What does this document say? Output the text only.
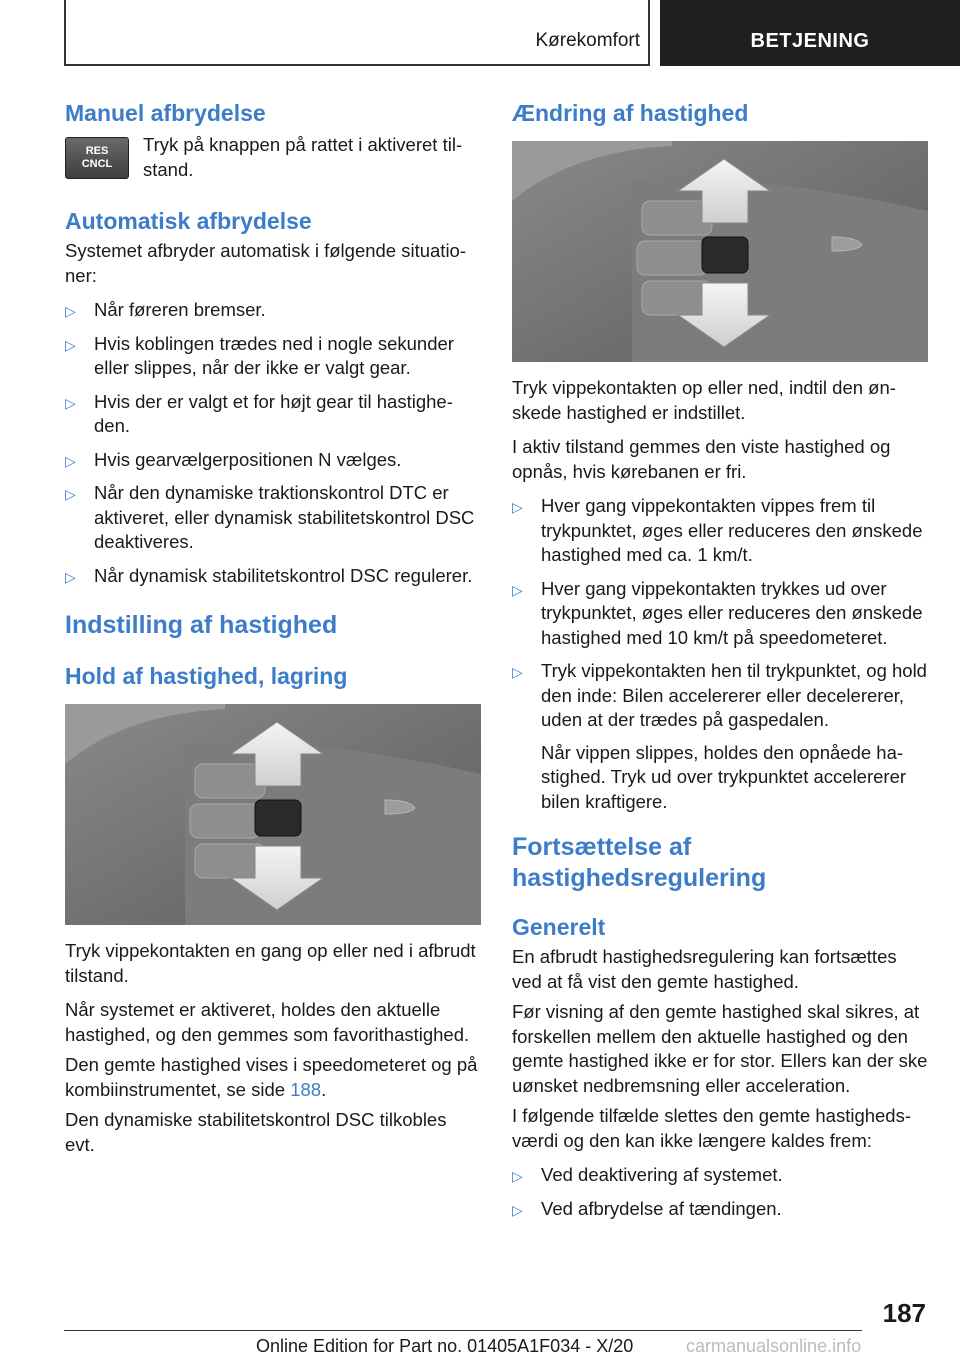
Kørekomfort	BETJENING
Manuel afbrydelse
RES
CNCL

Tryk på knappen på rattet i aktiveret tilstand.

Automatisk afbrydelse

Systemet afbryder automatisk i følgende situationer:

▷ Når føreren bremser.
▷ Hvis koblingen trædes ned i nogle sekunder eller slippes, når der ikke er valgt gear.
▷ Hvis der er valgt et for højt gear til hastigheden.
▷ Hvis gearvælgerpositionen N vælges.
▷ Når den dynamiske traktionskontrol DTC er aktiveret, eller dynamisk stabilitetskontrol DSC deaktiveres.
▷ Når dynamisk stabilitetskontrol DSC regulerer.
Indstilling af hastighed
Hold af hastighed, lagring

Tryk vippekontakten en gang op eller ned i afbrudt tilstand.

Når systemet er aktiveret, holdes den aktuelle hastighed, og den gemmes som favorithastighed.

Den gemte hastighed vises i speedometeret og på kombiinstrumentet, se side 188.

Den dynamiske stabilitetskontrol DSC tilkobles evt.

Ændring af hastighed

Tryk vippekontakten op eller ned, indtil den ønskede hastighed er indstillet.

I aktiv tilstand gemmes den viste hastighed og opnås, hvis kørebanen er fri.

▷ Hver gang vippekontakten vippes frem til trykpunktet, øges eller reduceres den ønskede hastighed med ca. 1 km/t.
▷ Hver gang vippekontakten trykkes ud over trykpunktet, øges eller reduceres den ønskede hastighed med 10 km/t på speedometeret.
▷ Tryk vippekontakten hen til trykpunktet, og hold den inde: Bilen accelererer eller decelererer, uden at der trædes på gaspedalen.
Når vippen slippes, holdes den opnåede hastighed. Tryk ud over trykpunktet accelererer bilen kraftigere.
Fortsættelse af hastighedsregulering
Generelt

En afbrudt hastighedsregulering kan fortsættes ved at få vist den gemte hastighed.

Før visning af den gemte hastighed skal sikres, at forskellen mellem den aktuelle hastighed og den gemte hastighed ikke er for stor. Ellers kan der ske uønsket nedbremsning eller acceleration.

I følgende tilfælde slettes den gemte hastighedsværdi og den kan ikke længere kaldes frem:

▷ Ved deaktivering af systemet.
▷ Ved afbrydelse af tændingen.
187
Online Edition for Part no. 01405A1F034 - X/20	carmanualsonline.info
